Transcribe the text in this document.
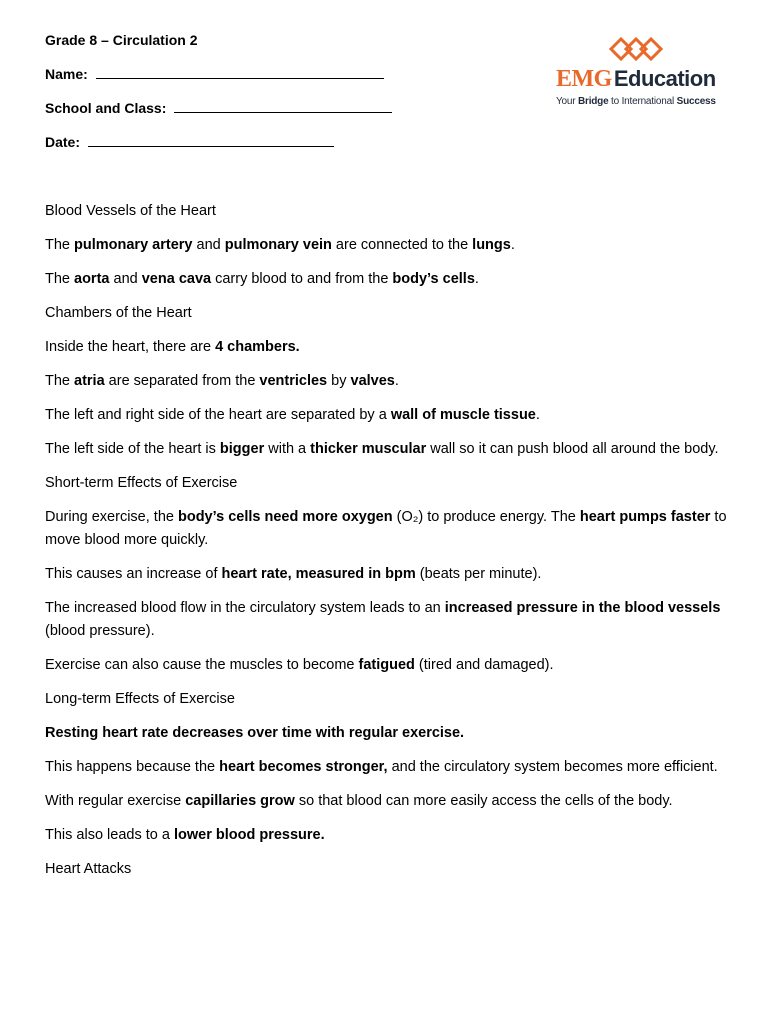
Grade 8 – Circulation 2
Name:
School and Class:
Date:
EMGEducation
Your Bridge to International Success
Blood Vessels of the Heart

The pulmonary artery and pulmonary vein are connected to the lungs.

The aorta and vena cava carry blood to and from the body’s cells.

Chambers of the Heart

Inside the heart, there are 4 chambers.

The atria are separated from the ventricles by valves.

The left and right side of the heart are separated by a wall of muscle tissue.

The left side of the heart is bigger with a thicker muscular wall so it can push blood all around the body.

Short-term Effects of Exercise

During exercise, the body’s cells need more oxygen (O₂) to produce energy. The heart pumps faster to move blood more quickly.

This causes an increase of heart rate, measured in bpm (beats per minute).

The increased blood flow in the circulatory system leads to an increased pressure in the blood vessels (blood pressure).

Exercise can also cause the muscles to become fatigued (tired and damaged).

Long-term Effects of Exercise

Resting heart rate decreases over time with regular exercise.

This happens because the heart becomes stronger, and the circulatory system becomes more efficient.

With regular exercise capillaries grow so that blood can more easily access the cells of the body.

This also leads to a lower blood pressure.

Heart Attacks
